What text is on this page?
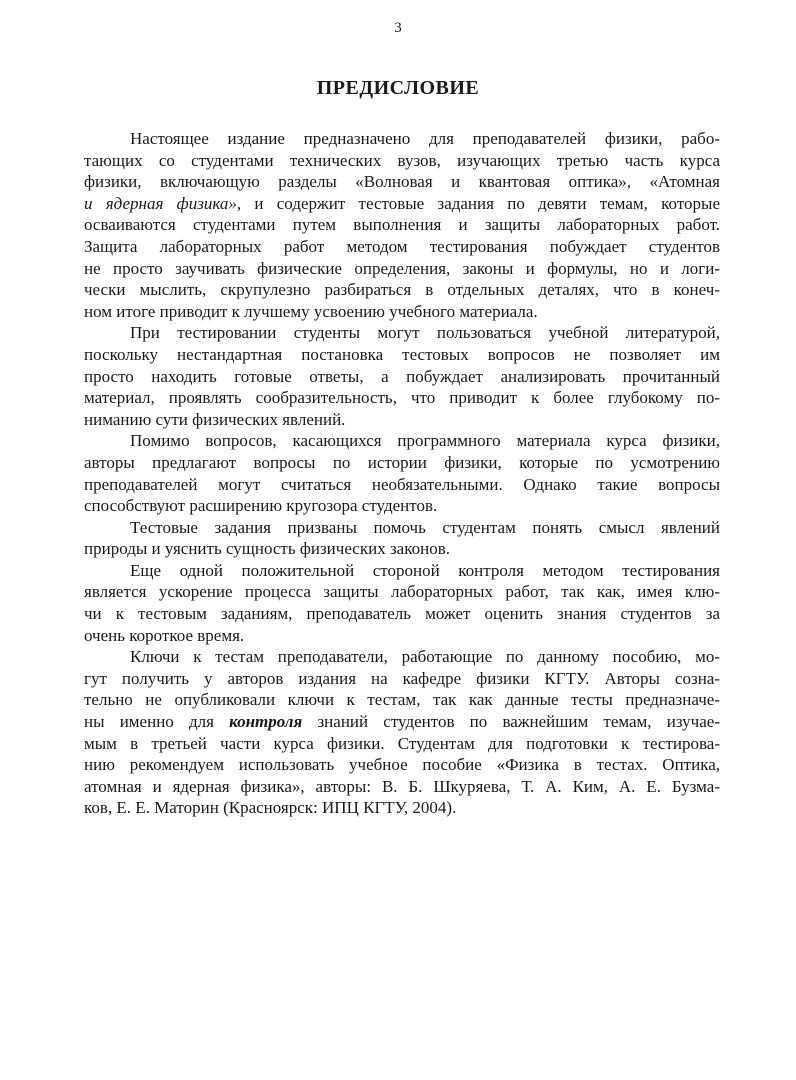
3
ПРЕДИСЛОВИЕ
Настоящее издание предназначено для преподавателей физики, рабо-
тающих со студентами технических вузов, изучающих третью часть курса
физики, включающую разделы «Волновая и квантовая оптика», «Атомная
и ядерная физика», и содержит тестовые задания по девяти темам, которые
осваиваются студентами путем выполнения и защиты лабораторных работ.
Защита лабораторных работ методом тестирования побуждает студентов
не просто заучивать физические определения, законы и формулы, но и логи-
чески мыслить, скрупулезно разбираться в отдельных деталях, что в конеч-
ном итоге приводит к лучшему усвоению учебного материала.
При тестировании студенты могут пользоваться учебной литературой,
поскольку нестандартная постановка тестовых вопросов не позволяет им
просто находить готовые ответы, а побуждает анализировать прочитанный
материал, проявлять сообразительность, что приводит к более глубокому по-
ниманию сути физических явлений.
Помимо вопросов, касающихся программного материала курса физики,
авторы предлагают вопросы по истории физики, которые по усмотрению
преподавателей могут считаться необязательными. Однако такие вопросы
способствуют расширению кругозора студентов.
Тестовые задания призваны помочь студентам понять смысл явлений
природы и уяснить сущность физических законов.
Еще одной положительной стороной контроля методом тестирования
является ускорение процесса защиты лабораторных работ, так как, имея клю-
чи к тестовым заданиям, преподаватель может оценить знания студентов за
очень короткое время.
Ключи к тестам преподаватели, работающие по данному пособию, мо-
гут получить у авторов издания на кафедре физики КГТУ. Авторы созна-
тельно не опубликовали ключи к тестам, так как данные тесты предназначе-
ны именно для контроля знаний студентов по важнейшим темам, изучае-
мым в третьей части курса физики. Студентам для подготовки к тестирова-
нию рекомендуем использовать учебное пособие «Физика в тестах. Оптика,
атомная и ядерная физика», авторы: В. Б. Шкуряева, Т. А. Ким, А. Е. Бузма-
ков, Е. Е. Маторин (Красноярск: ИПЦ КГТУ, 2004).
